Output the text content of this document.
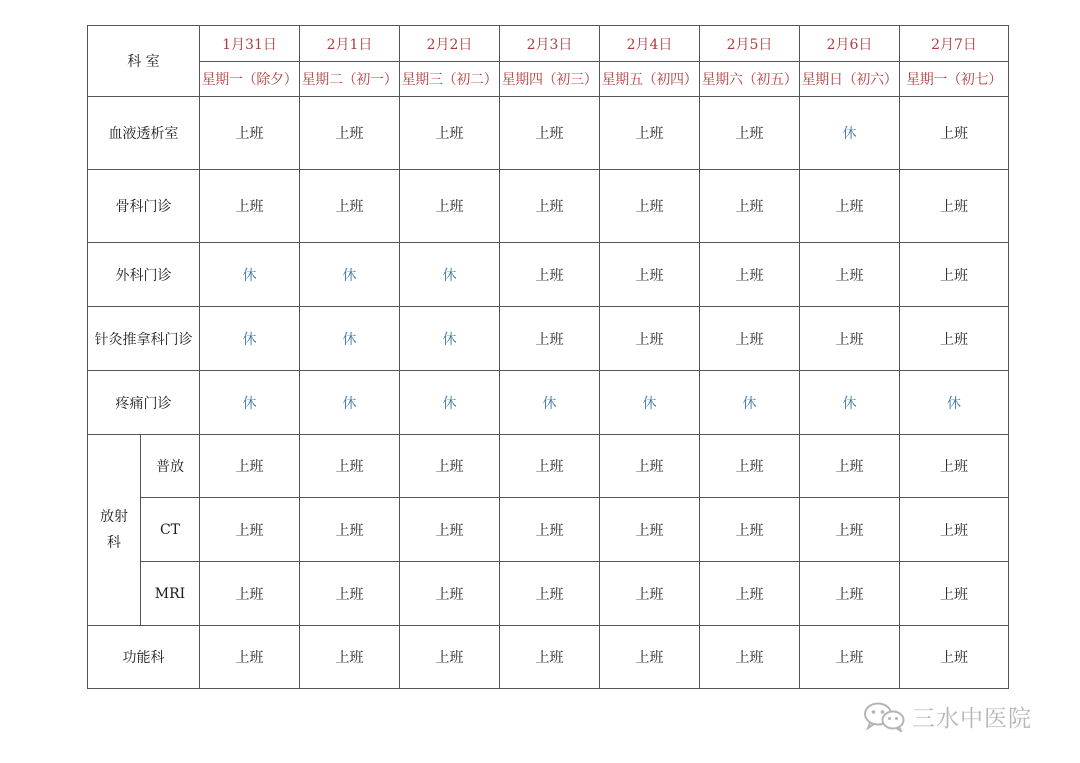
科 室		1月31日	2月1日	2月2日	2月3日	2月4日	2月5日	2月6日	2月7日
		星期一（除夕）	星期二（初一）	星期三（初二）	星期四（初三）	星期五（初四）	星期六（初五）	星期日（初六）	星期一（初七）
血液透析室		上班	上班	上班	上班	上班	上班	休	上班
骨科门诊		上班	上班	上班	上班	上班	上班	上班	上班
外科门诊		休	休	休	上班	上班	上班	上班	上班
针灸推拿科门诊		休	休	休	上班	上班	上班	上班	上班
疼痛门诊		休	休	休	休	休	休	休	休
放射科	普放	上班	上班	上班	上班	上班	上班	上班	上班
	CT	上班	上班	上班	上班	上班	上班	上班	上班
	MRI	上班	上班	上班	上班	上班	上班	上班	上班
功能科		上班	上班	上班	上班	上班	上班	上班	上班
三水中医院
